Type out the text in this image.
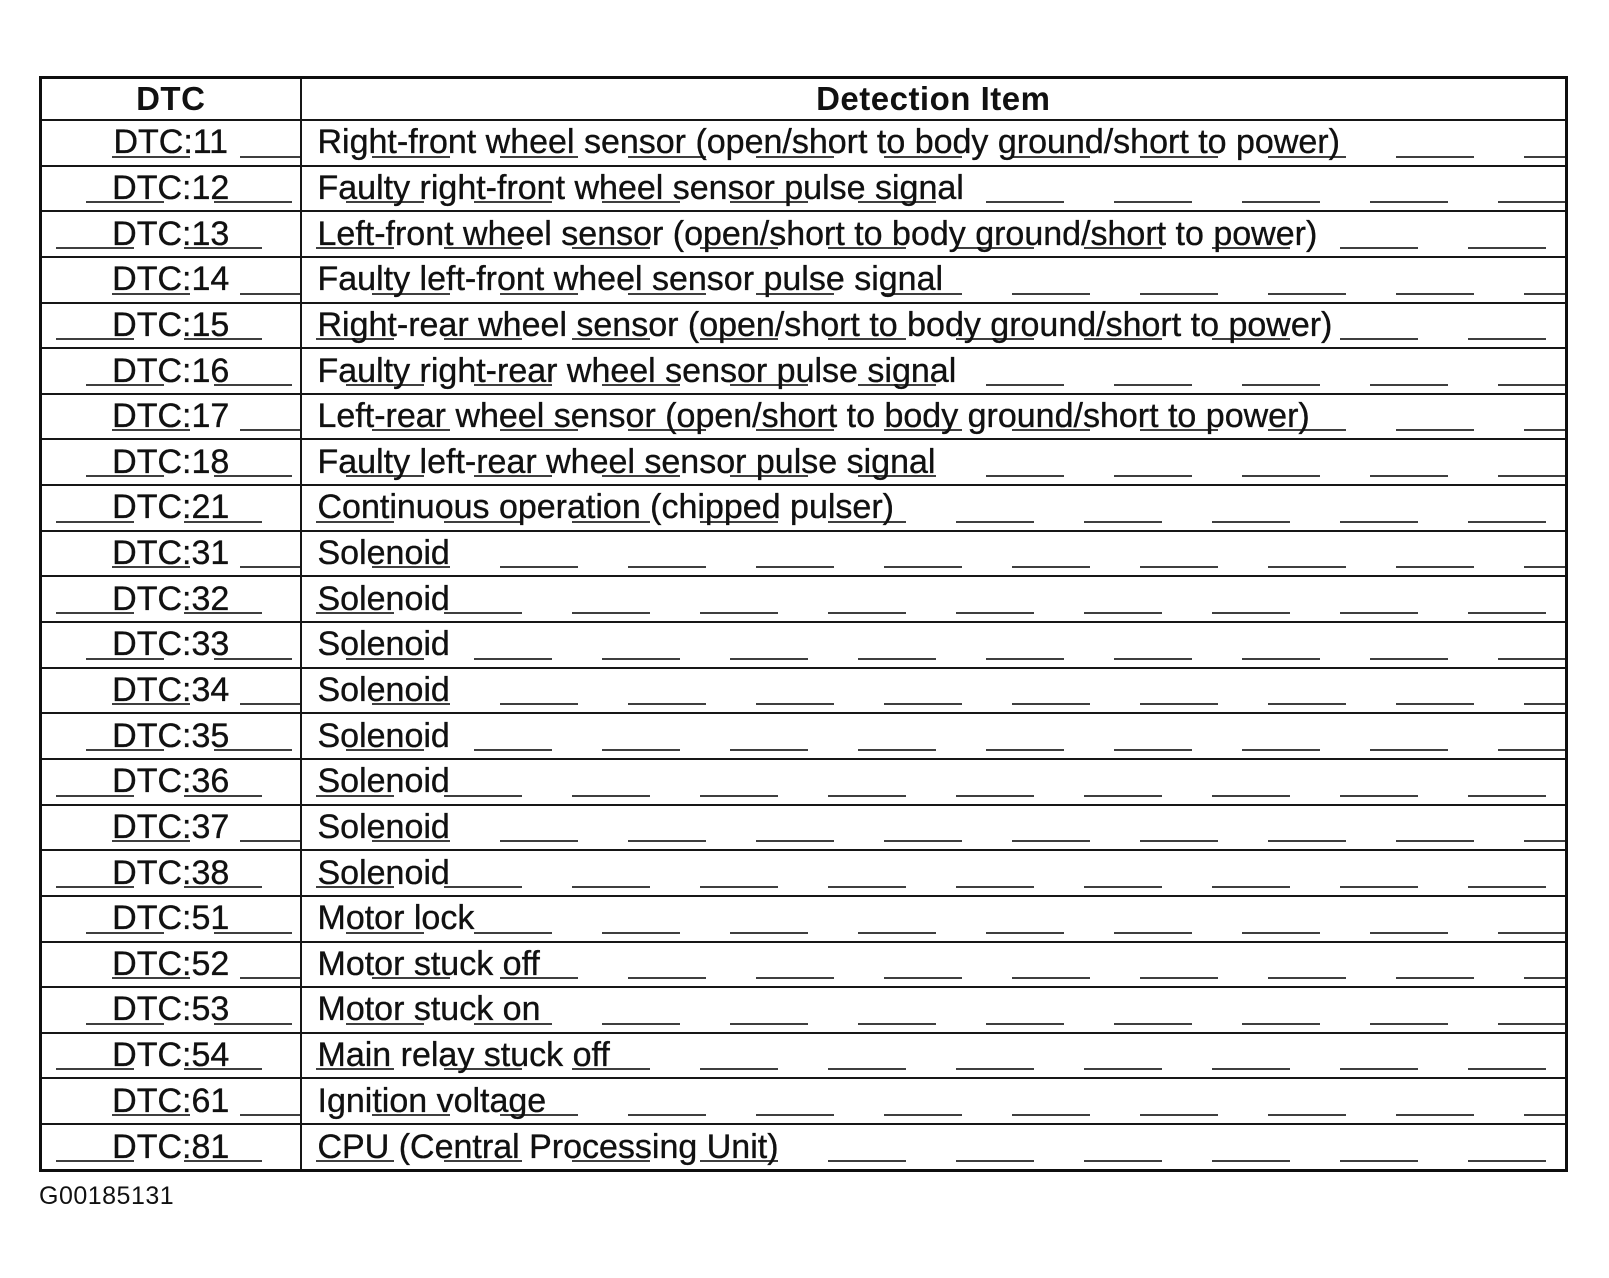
DTC	Detection Item
DTC:11	Right-front wheel sensor (open/short to body ground/short to power)
DTC:12	Faulty right-front wheel sensor pulse signal
DTC:13	Left-front wheel sensor (open/short to body ground/short to power)
DTC:14	Faulty left-front wheel sensor pulse signal
DTC:15	Right-rear wheel sensor (open/short to body ground/short to power)
DTC:16	Faulty right-rear wheel sensor pulse signal
DTC:17	Left-rear wheel sensor (open/short to body ground/short to power)
DTC:18	Faulty left-rear wheel sensor pulse signal
DTC:21	Continuous operation (chipped pulser)
DTC:31	Solenoid
DTC:32	Solenoid
DTC:33	Solenoid
DTC:34	Solenoid
DTC:35	Solenoid
DTC:36	Solenoid
DTC:37	Solenoid
DTC:38	Solenoid
DTC:51	Motor lock
DTC:52	Motor stuck off
DTC:53	Motor stuck on
DTC:54	Main relay stuck off
DTC:61	Ignition voltage
DTC:81	CPU (Central Processing Unit)
G00185131
